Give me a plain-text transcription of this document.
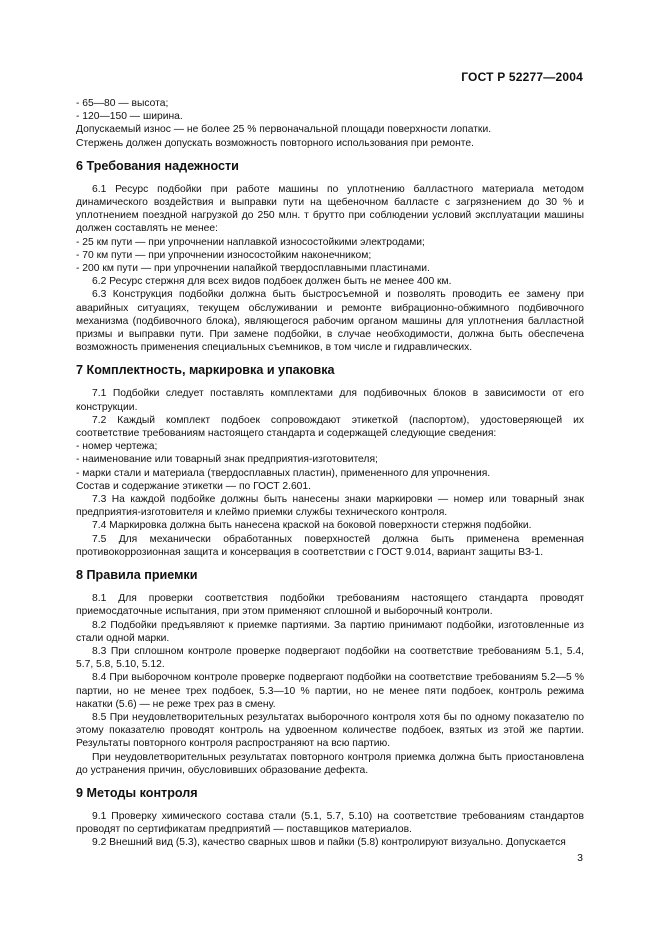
ГОСТ Р 52277—2004

- 65—80 — высота;

- 120—150 — ширина.

Допускаемый износ — не более 25 % первоначальной площади поверхности лопатки.

Стержень должен допускать возможность повторного использования при ремонте.

6 Требования надежности

6.1 Ресурс подбойки при работе машины по уплотнению балластного материала методом динамического воздействия и выправки пути на щебеночном балласте с загрязнением до 30 % и уплотнением поездной нагрузкой до 250 млн. т брутто при соблюдении условий эксплуатации машины должен составлять не менее:

- 25 км пути — при упрочнении наплавкой износостойкими электродами;

- 70 км пути — при упрочнении износостойким наконечником;

- 200 км пути — при упрочнении напайкой твердосплавными пластинами.

6.2 Ресурс стержня для всех видов подбоек должен быть не менее 400 км.

6.3 Конструкция подбойки должна быть быстросъемной и позволять проводить ее замену при аварийных ситуациях, текущем обслуживании и ремонте вибрационно-обжимного подбивочного механизма (подбивочного блока), являющегося рабочим органом машины для уплотнения балластной призмы и выправки пути. При замене подбойки, в случае необходимости, должна быть обеспечена возможность применения специальных съемников, в том числе и гидравлических.

7 Комплектность, маркировка и упаковка

7.1 Подбойки следует поставлять комплектами для подбивочных блоков в зависимости от его конструкции.

7.2 Каждый комплект подбоек сопровождают этикеткой (паспортом), удостоверяющей их соответствие требованиям настоящего стандарта и содержащей следующие сведения:

- номер чертежа;

- наименование или товарный знак предприятия-изготовителя;

- марки стали и материала (твердосплавных пластин), примененного для упрочнения.

Состав и содержание этикетки — по ГОСТ 2.601.

7.3 На каждой подбойке должны быть нанесены знаки маркировки — номер или товарный знак предприятия-изготовителя и клеймо приемки службы технического контроля.

7.4 Маркировка должна быть нанесена краской на боковой поверхности стержня подбойки.

7.5 Для механически обработанных поверхностей должна быть применена временная противокоррозионная защита и консервация в соответствии с ГОСТ 9.014, вариант защиты ВЗ-1.

8 Правила приемки

8.1 Для проверки соответствия подбойки требованиям настоящего стандарта проводят приемосдаточные испытания, при этом применяют сплошной и выборочный контроли.

8.2 Подбойки предъявляют к приемке партиями. За партию принимают подбойки, изготовленные из стали одной марки.

8.3 При сплошном контроле проверке подвергают подбойки на соответствие требованиям 5.1, 5.4, 5.7, 5.8, 5.10, 5.12.

8.4 При выборочном контроле проверке подвергают подбойки на соответствие требованиям 5.2—5 % партии, но не менее трех подбоек, 5.3—10 % партии, но не менее пяти подбоек, контроль режима накатки (5.6) — не реже трех раз в смену.

8.5 При неудовлетворительных результатах выборочного контроля хотя бы по одному показателю по этому показателю проводят контроль на удвоенном количестве подбоек, взятых из этой же партии. Результаты повторного контроля распространяют на всю партию.

При неудовлетворительных результатах повторного контроля приемка должна быть приостановлена до устранения причин, обусловивших образование дефекта.

9 Методы контроля

9.1 Проверку химического состава стали (5.1, 5.7, 5.10) на соответствие требованиям стандартов проводят по сертификатам предприятий — поставщиков материалов.

9.2 Внешний вид (5.3), качество сварных швов и пайки (5.8) контролируют визуально. Допускается

3
